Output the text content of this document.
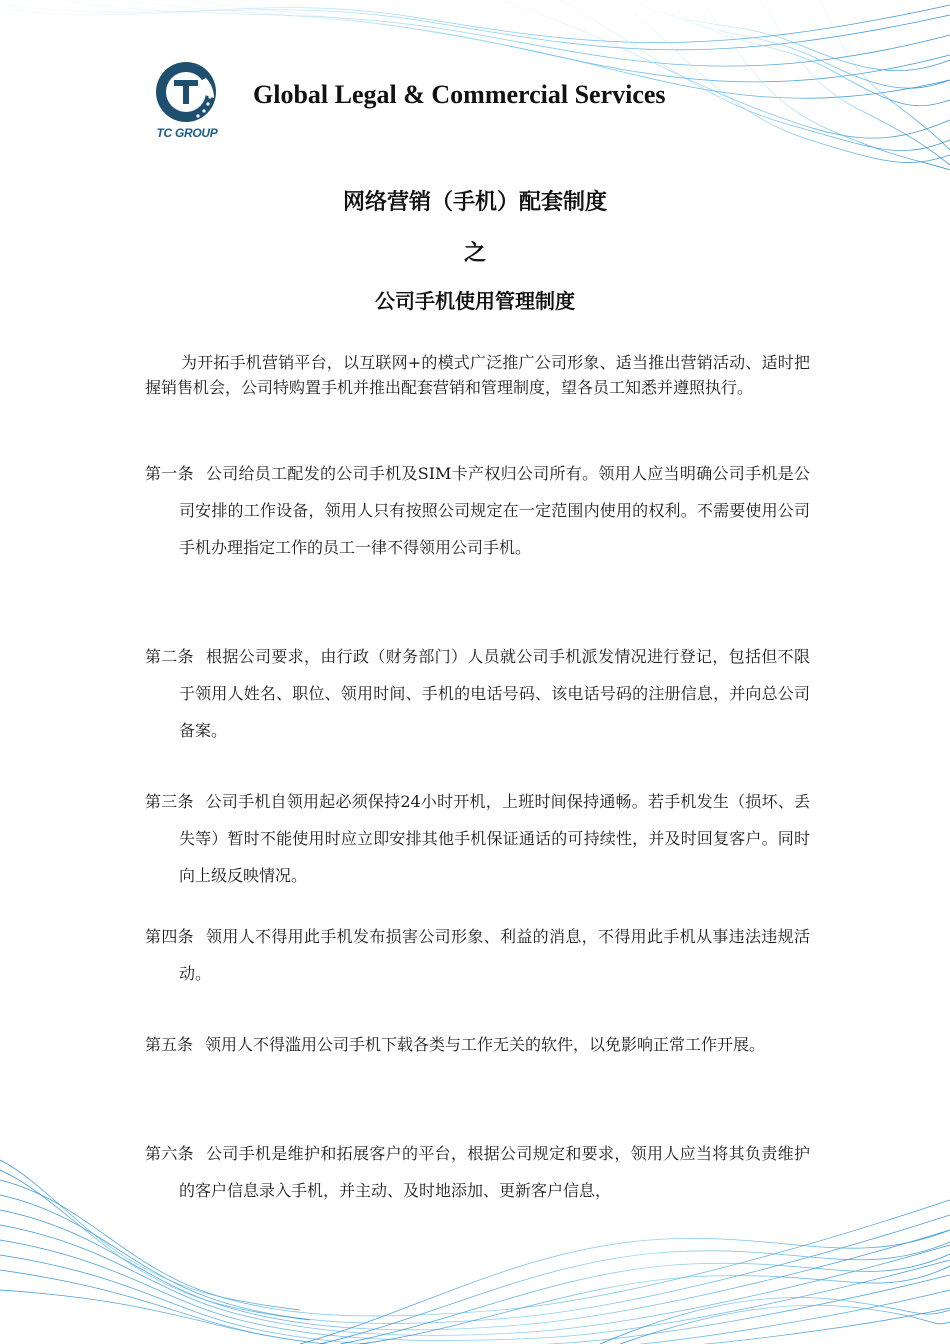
TC GROUP
Global Legal & Commercial Services
网络营销（手机）配套制度
之
公司手机使用管理制度
为开拓手机营销平台，以互联网+的模式广泛推广公司形象、适当推出营销活动、适时把握销售机会，公司特购置手机并推出配套营销和管理制度，望各员工知悉并遵照执行。
第一条 公司给员工配发的公司手机及SIM卡产权归公司所有。领用人应当明确公司手机是公司安排的工作设备，领用人只有按照公司规定在一定范围内使用的权利。不需要使用公司手机办理指定工作的员工一律不得领用公司手机。
第二条 根据公司要求，由行政（财务部门）人员就公司手机派发情况进行登记，包括但不限于领用人姓名、职位、领用时间、手机的电话号码、该电话号码的注册信息，并向总公司备案。
第三条 公司手机自领用起必须保持24小时开机，上班时间保持通畅。若手机发生（损坏、丢失等）暂时不能使用时应立即安排其他手机保证通话的可持续性，并及时回复客户。同时向上级反映情况。
第四条 领用人不得用此手机发布损害公司形象、利益的消息，不得用此手机从事违法违规活动。
第五条 领用人不得滥用公司手机下载各类与工作无关的软件，以免影响正常工作开展。
第六条 公司手机是维护和拓展客户的平台，根据公司规定和要求，领用人应当将其负责维护的客户信息录入手机，并主动、及时地添加、更新客户信息，
